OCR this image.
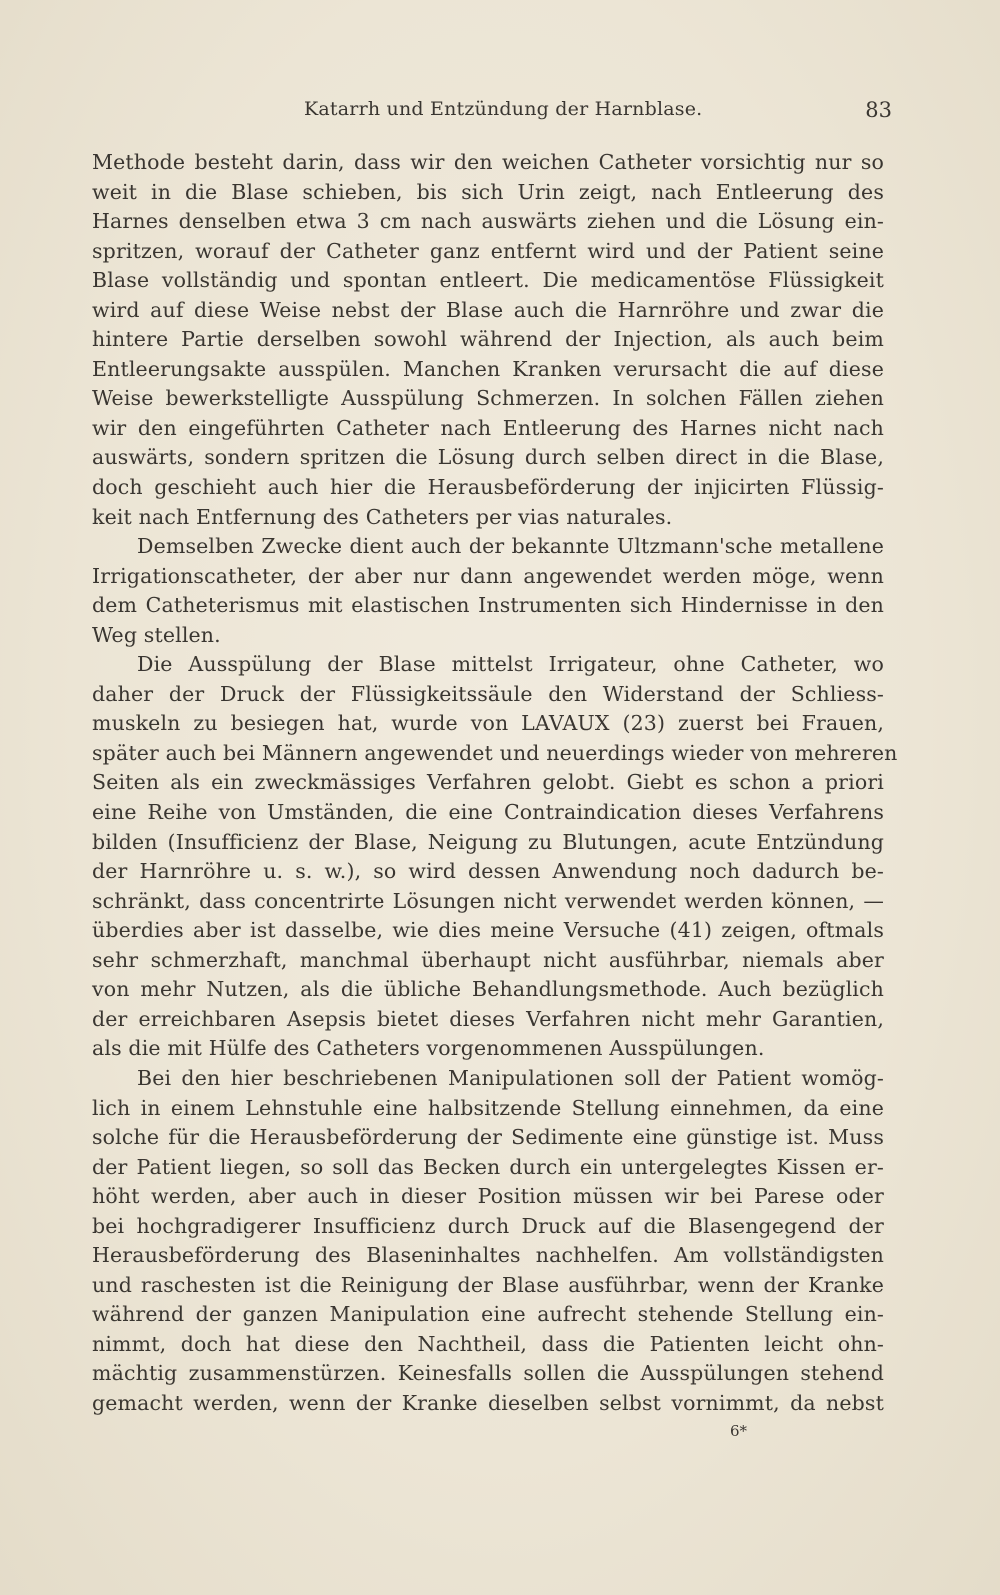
Katarrh und Entzündung der Harnblase.	83
Methode besteht darin, dass wir den weichen Catheter vorsichtig nur so
weit in die Blase schieben, bis sich Urin zeigt, nach Entleerung des
Harnes denselben etwa 3 cm nach auswärts ziehen und die Lösung ein-
spritzen, worauf der Catheter ganz entfernt wird und der Patient seine
Blase vollständig und spontan entleert. Die medicamentöse Flüssigkeit
wird auf diese Weise nebst der Blase auch die Harnröhre und zwar die
hintere Partie derselben sowohl während der Injection, als auch beim
Entleerungsakte ausspülen. Manchen Kranken verursacht die auf diese
Weise bewerkstelligte Ausspülung Schmerzen. In solchen Fällen ziehen
wir den eingeführten Catheter nach Entleerung des Harnes nicht nach
auswärts, sondern spritzen die Lösung durch selben direct in die Blase,
doch geschieht auch hier die Herausbeförderung der injicirten Flüssig-
keit nach Entfernung des Catheters per vias naturales.
Demselben Zwecke dient auch der bekannte Ultzmann'sche metallene
Irrigationscatheter, der aber nur dann angewendet werden möge, wenn
dem Catheterismus mit elastischen Instrumenten sich Hindernisse in den
Weg stellen.
Die Ausspülung der Blase mittelst Irrigateur, ohne Catheter, wo
daher der Druck der Flüssigkeitssäule den Widerstand der Schliess-
muskeln zu besiegen hat, wurde von LAVAUX (23) zuerst bei Frauen,
später auch bei Männern angewendet und neuerdings wieder von mehreren
Seiten als ein zweckmässiges Verfahren gelobt. Giebt es schon a priori
eine Reihe von Umständen, die eine Contraindication dieses Verfahrens
bilden (Insufficienz der Blase, Neigung zu Blutungen, acute Entzündung
der Harnröhre u. s. w.), so wird dessen Anwendung noch dadurch be-
schränkt, dass concentrirte Lösungen nicht verwendet werden können, —
überdies aber ist dasselbe, wie dies meine Versuche (41) zeigen, oftmals
sehr schmerzhaft, manchmal überhaupt nicht ausführbar, niemals aber
von mehr Nutzen, als die übliche Behandlungsmethode. Auch bezüglich
der erreichbaren Asepsis bietet dieses Verfahren nicht mehr Garantien,
als die mit Hülfe des Catheters vorgenommenen Ausspülungen.
Bei den hier beschriebenen Manipulationen soll der Patient womög-
lich in einem Lehnstuhle eine halbsitzende Stellung einnehmen, da eine
solche für die Herausbeförderung der Sedimente eine günstige ist. Muss
der Patient liegen, so soll das Becken durch ein untergelegtes Kissen er-
höht werden, aber auch in dieser Position müssen wir bei Parese oder
bei hochgradigerer Insufficienz durch Druck auf die Blasengegend der
Herausbeförderung des Blaseninhaltes nachhelfen. Am vollständigsten
und raschesten ist die Reinigung der Blase ausführbar, wenn der Kranke
während der ganzen Manipulation eine aufrecht stehende Stellung ein-
nimmt, doch hat diese den Nachtheil, dass die Patienten leicht ohn-
mächtig zusammenstürzen. Keinesfalls sollen die Ausspülungen stehend
gemacht werden, wenn der Kranke dieselben selbst vornimmt, da nebst
6*
